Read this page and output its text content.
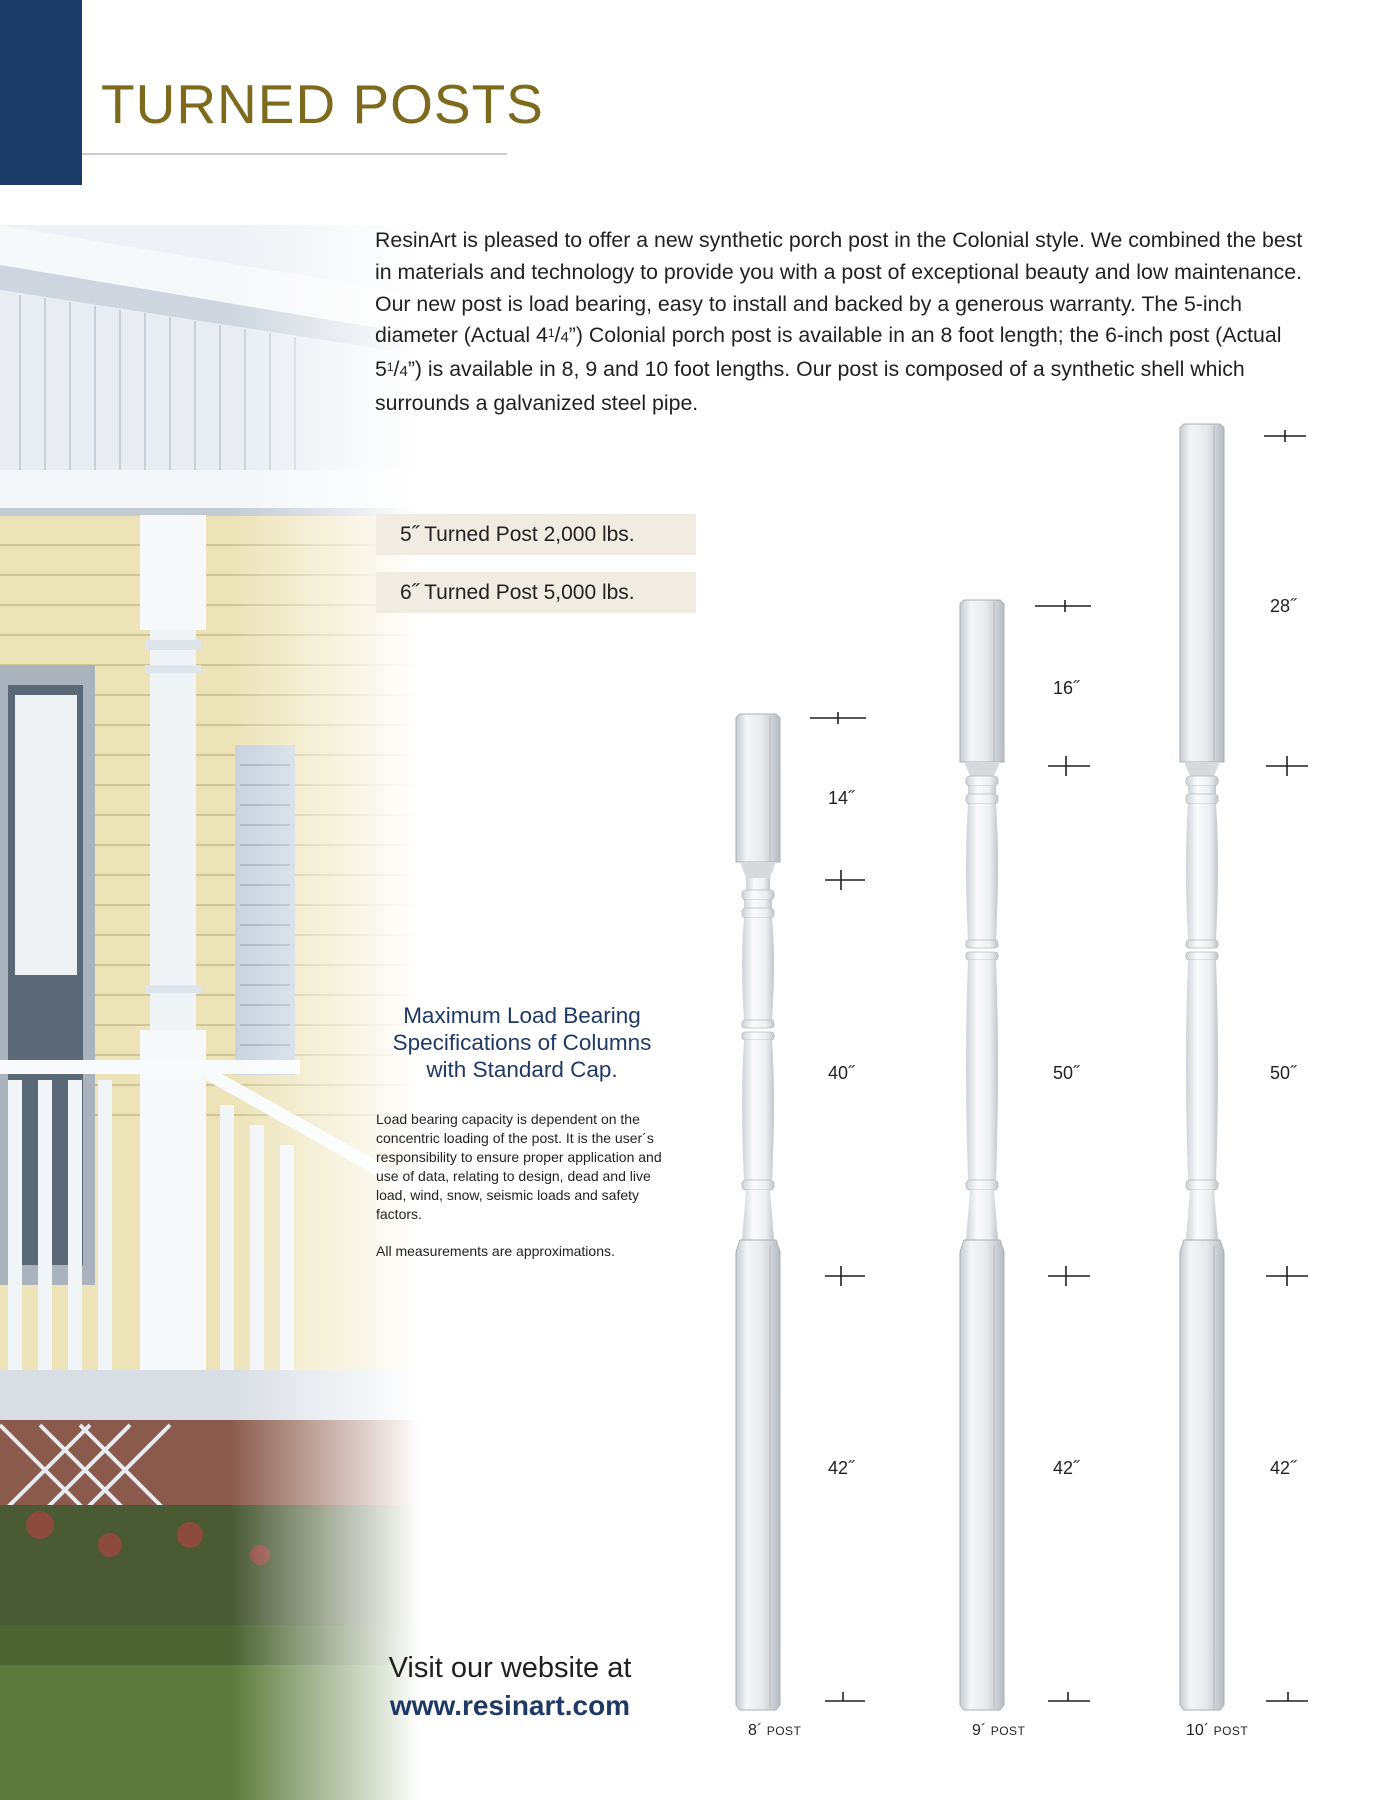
TURNED POSTS
ResinArt is pleased to offer a new synthetic porch post in the Colonial style. We combined the best in materials and technology to provide you with a post of exceptional beauty and low maintenance. Our new post is load bearing, easy to install and backed by a generous warranty. The 5-inch diameter (Actual $4^1/4$”) Colonial porch post is available in an 8 foot length; the 6-inch post (Actual $5^1/4$”) is available in 8, 9 and 10 foot lengths. Our post is composed of a synthetic shell which surrounds a galvanized steel pipe.
5˝ Turned Post 2,000 lbs.
6˝ Turned Post 5,000 lbs.
Maximum Load Bearing Specifications of Columns with Standard Cap.
Load bearing capacity is dependent on the concentric loading of the post. It is the user´s responsibility to ensure proper application and use of data, relating to design, dead and live load, wind, snow, seismic loads and safety factors.
All measurements are approximations.
Visit our website at
www.resinart.com
14˝
40˝
42˝
16˝
50˝
42˝
28˝
50˝
42˝
8´ POST	9´ POST	10´ POST
